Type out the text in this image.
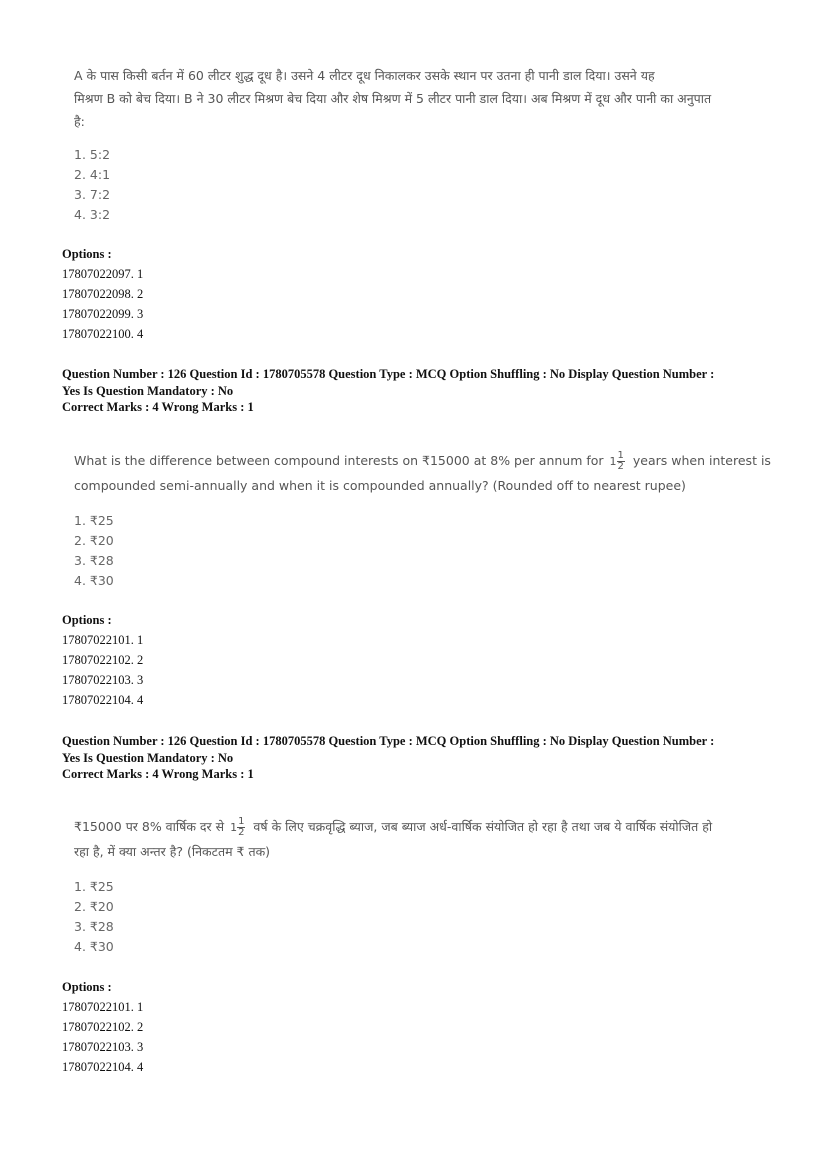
A के पास किसी बर्तन में 60 लीटर शुद्ध दूध है। उसने 4 लीटर दूध निकालकर उसके स्थान पर उतना ही पानी डाल दिया। उसने यह
मिश्रण B को बेच दिया। B ने 30 लीटर मिश्रण बेच दिया और शेष मिश्रण में 5 लीटर पानी डाल दिया। अब मिश्रण में दूध और पानी का अनुपात
है:
1. 5:2
2. 4:1
3. 7:2
4. 3:2
Options :
17807022097. 1
17807022098. 2
17807022099. 3
17807022100. 4
Question Number : 126 Question Id : 1780705578 Question Type : MCQ Option Shuffling : No Display Question Number :
Yes Is Question Mandatory : No
Correct Marks : 4 Wrong Marks : 1
What is the difference between compound interests on ₹15000 at 8% per annum for $1 \frac{1}{2}$ years when interest is
compounded semi-annually and when it is compounded annually? (Rounded off to nearest rupee)
1. ₹25
2. ₹20
3. ₹28
4. ₹30
Options :
17807022101. 1
17807022102. 2
17807022103. 3
17807022104. 4
Question Number : 126 Question Id : 1780705578 Question Type : MCQ Option Shuffling : No Display Question Number :
Yes Is Question Mandatory : No
Correct Marks : 4 Wrong Marks : 1
₹15000 पर 8% वार्षिक दर से $1 \frac{1}{2}$ वर्ष के लिए चक्रवृद्धि ब्याज, जब ब्याज अर्ध-वार्षिक संयोजित हो रहा है तथा जब ये वार्षिक संयोजित हो
रहा है, में क्या अन्तर है? (निकटतम ₹ तक)
1. ₹25
2. ₹20
3. ₹28
4. ₹30
Options :
17807022101. 1
17807022102. 2
17807022103. 3
17807022104. 4
